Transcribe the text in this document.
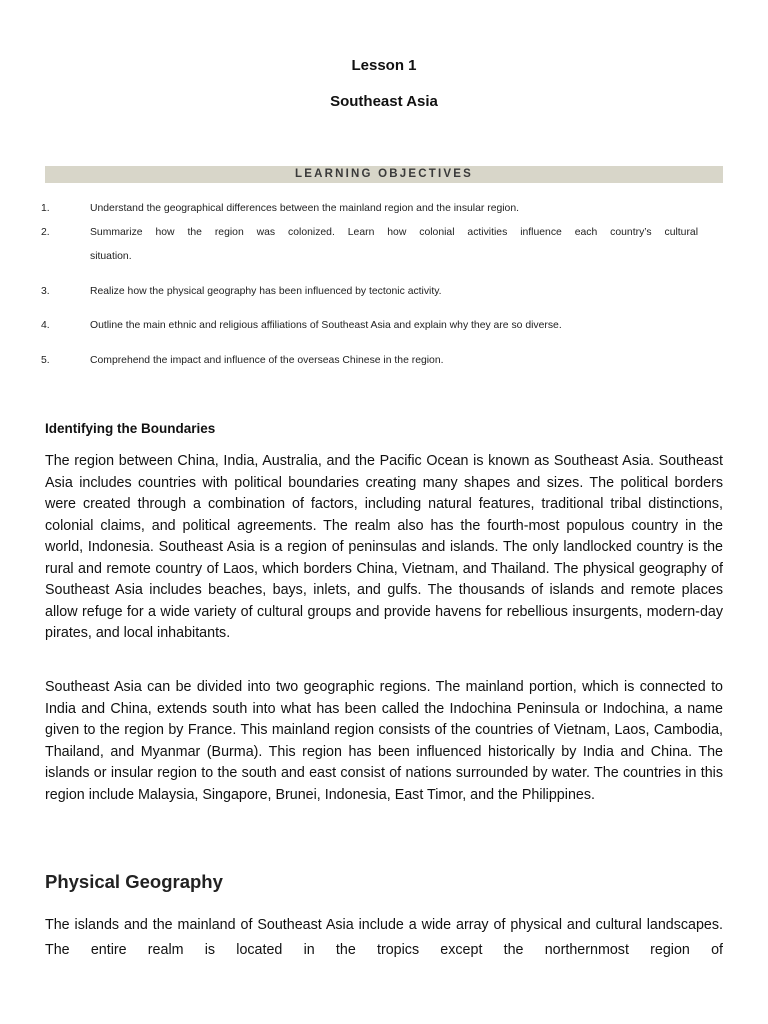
Lesson 1
Southeast Asia
LEARNING OBJECTIVES
1.	Understand the geographical differences between the mainland region and the insular region.
2.	Summarize how the region was colonized. Learn how colonial activities influence each country’s cultural
situation.
3.	Realize how the physical geography has been influenced by tectonic activity.
4.	Outline the main ethnic and religious affiliations of Southeast Asia and explain why they are so diverse.
5.	Comprehend the impact and influence of the overseas Chinese in the region.
Identifying the Boundaries

The region between China, India, Australia, and the Pacific Ocean is known as Southeast Asia. Southeast Asia includes countries with political boundaries creating many shapes and sizes. The political borders were created through a combination of factors, including natural features, traditional tribal distinctions, colonial claims, and political agreements. The realm also has the fourth-most populous country in the world, Indonesia. Southeast Asia is a region of peninsulas and islands. The only landlocked country is the rural and remote country of Laos, which borders China, Vietnam, and Thailand. The physical geography of Southeast Asia includes beaches, bays, inlets, and gulfs. The thousands of islands and remote places allow refuge for a wide variety of cultural groups and provide havens for rebellious insurgents, modern-day pirates, and local inhabitants.

Southeast Asia can be divided into two geographic regions. The mainland portion, which is connected to India and China, extends south into what has been called the Indochina Peninsula or Indochina, a name given to the region by France. This mainland region consists of the countries of Vietnam, Laos, Cambodia, Thailand, and Myanmar (Burma). This region has been influenced historically by India and China. The islands or insular region to the south and east consist of nations surrounded by water. The countries in this region include Malaysia, Singapore, Brunei, Indonesia, East Timor, and the Philippines.

Physical Geography

The islands and the mainland of Southeast Asia include a wide array of physical and cultural landscapes. The entire realm is located in the tropics except the northernmost region of
